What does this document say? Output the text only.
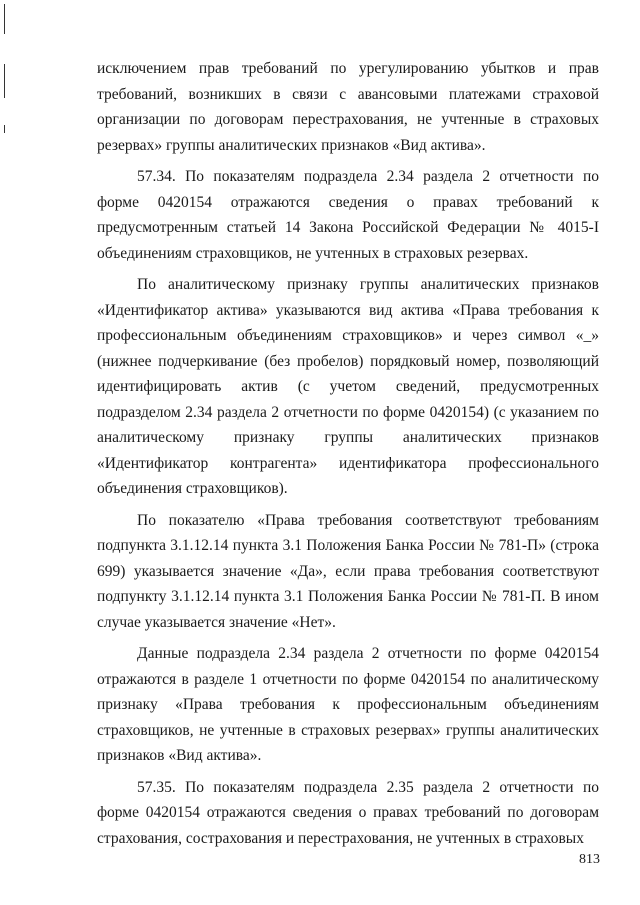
исключением прав требований по урегулированию убытков и прав требований, возникших в связи с авансовыми платежами страховой организации по договорам перестрахования, не учтенные в страховых резервах» группы аналитических признаков «Вид актива».

57.34. По показателям подраздела 2.34 раздела 2 отчетности по форме 0420154 отражаются сведения о правах требований к предусмотренным статьей 14 Закона Российской Федерации № 4015-I объединениям страховщиков, не учтенных в страховых резервах.

По аналитическому признаку группы аналитических признаков «Идентификатор актива» указываются вид актива «Права требования к профессиональным объединениям страховщиков» и через символ «_» (нижнее подчеркивание (без пробелов) порядковый номер, позволяющий идентифицировать актив (с учетом сведений, предусмотренных подразделом 2.34 раздела 2 отчетности по форме 0420154) (с указанием по аналитическому признаку группы аналитических признаков «Идентификатор контрагента» идентификатора профессионального объединения страховщиков).

По показателю «Права требования соответствуют требованиям подпункта 3.1.12.14 пункта 3.1 Положения Банка России № 781-П» (строка 699) указывается значение «Да», если права требования соответствуют подпункту 3.1.12.14 пункта 3.1 Положения Банка России № 781-П. В ином случае указывается значение «Нет».

Данные подраздела 2.34 раздела 2 отчетности по форме 0420154 отражаются в разделе 1 отчетности по форме 0420154 по аналитическому признаку «Права требования к профессиональным объединениям страховщиков, не учтенные в страховых резервах» группы аналитических признаков «Вид актива».

57.35. По показателям подраздела 2.35 раздела 2 отчетности по форме 0420154 отражаются сведения о правах требований по договорам страхования, сострахования и перестрахования, не учтенных в страховых

813
